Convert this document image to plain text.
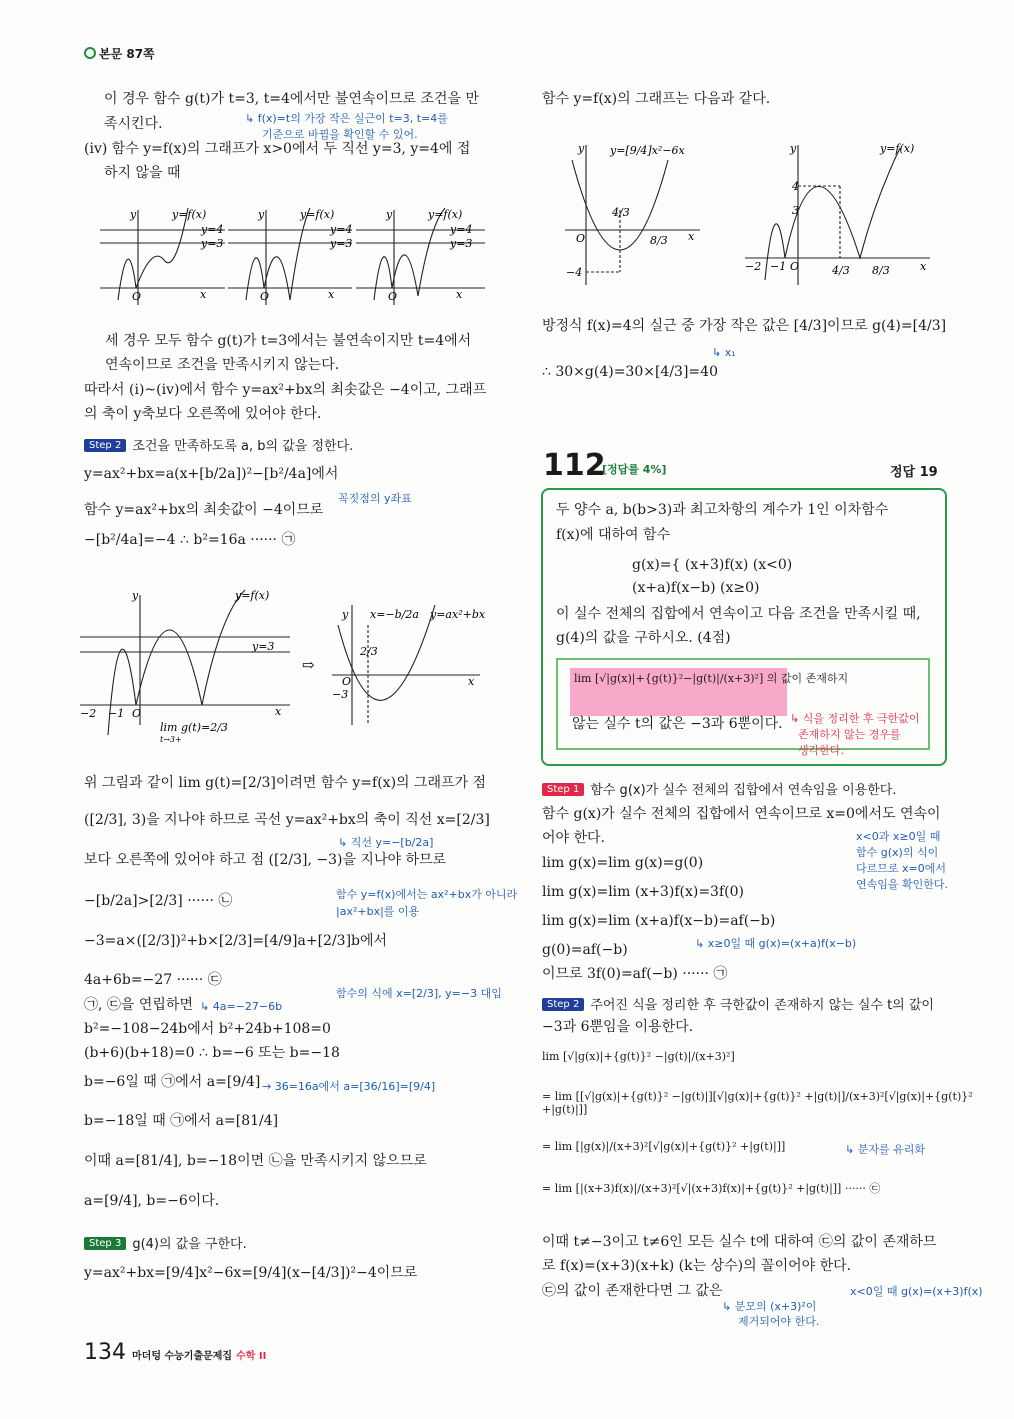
본문 87쪽
이 경우 함수 g(t)가 t=3, t=4에서만 불연속이므로 조건을 만
족시킨다.
(iv) 함수 y=f(x)의 그래프가 x>0에서 두 직선 y=3, y=4에 접
하지 않을 때
세 경우 모두 함수 g(t)가 t=3에서는 불연속이지만 t=4에서
연속이므로 조건을 만족시키지 않는다.
따라서 (i)~(iv)에서 함수 y=ax²+bx의 최솟값은 −4이고, 그래프
의 축이 y축보다 오른쪽에 있어야 한다.
y=ax²+bx=a(x+[b/2a])²−[b²/4a]에서
함수 y=ax²+bx의 최솟값이 −4이므로
−[b²/4a]=−4 ∴ b²=16a ······ ㉠
위 그림과 같이 lim g(t)=[2/3]이려면 함수 y=f(x)의 그래프가 점
([2/3], 3)을 지나야 하므로 곡선 y=ax²+bx의 축이 직선 x=[2/3]
보다 오른쪽에 있어야 하고 점 ([2/3], −3)을 지나야 하므로
−[b/2a]>[2/3] ······ ㉡
−3=a×([2/3])²+b×[2/3]=[4/9]a+[2/3]b에서
4a+6b=−27 ······ ㉢
㉠, ㉢을 연립하면
b²=−108−24b에서 b²+24b+108=0
(b+6)(b+18)=0 ∴ b=−6 또는 b=−18
b=−6일 때 ㉠에서 a=[9/4]
b=−18일 때 ㉠에서 a=[81/4]
이때 a=[81/4], b=−18이면 ㉡을 만족시키지 않으므로
a=[9/4], b=−6이다.
y=ax²+bx=[9/4]x²−6x=[9/4](x−[4/3])²−4이므로
↳ f(x)=t의 가장 작은 실근이 t=3, t=4를
기준으로 바뀜을 확인할 수 있어.
꼭짓점의 y좌표
↳ 직선 y=−[b/2a]
함수 y=f(x)에서는 ax²+bx가 아니라
|ax²+bx|를 이용
함수의 식에 x=[2/3], y=−3 대입
↳ 4a=−27−6b
→ 36=16a에서 a=[36/16]=[9/4]
함수 y=f(x)의 그래프는 다음과 같다.
방정식 f(x)=4의 실근 중 가장 작은 값은 [4/3]이므로 g(4)=[4/3]
∴ 30×g(4)=30×[4/3]=40
함수 g(x)가 실수 전체의 집합에서 연속이므로 x=0에서도 연속이
어야 한다.
lim g(x)=lim g(x)=g(0)
lim g(x)=lim (x+3)f(x)=3f(0)
lim g(x)=lim (x+a)f(x−b)=af(−b)
g(0)=af(−b)
이므로 3f(0)=af(−b) ······ ㉠
−3과 6뿐임을 이용한다.
lim [√|g(x)|+{g(t)}² −|g(t)|/(x+3)²]
= lim [[√|g(x)|+{g(t)}² −|g(t)|][√|g(x)|+{g(t)}² +|g(t)|]/(x+3)²[√|g(x)|+{g(t)}² +|g(t)|]]
= lim [|g(x)|/(x+3)²[√|g(x)|+{g(t)}² +|g(t)|]]
= lim [|(x+3)f(x)|/(x+3)²[√|(x+3)f(x)|+{g(t)}² +|g(t)|]] ······ ㉢
이때 t≠−3이고 t≠6인 모든 실수 t에 대하여 ㉢의 값이 존재하므
로 f(x)=(x+3)(x+k) (k는 상수)의 꼴이어야 한다.
㉢의 값이 존재한다면 그 값은
↳ x₁
x<0과 x≥0일 때
함수 g(x)의 식이
다르므로 x=0에서
연속임을 확인한다.
↳ x≥0일 때 g(x)=(x+a)f(x−b)
↳ 분자를 유리화
↳ 분모의 (x+3)²이
제거되어야 한다.
x<0일 때 g(x)=(x+3)f(x)
Step 2 조건을 만족하도록 a, b의 값을 정한다.
Step 3 g(4)의 값을 구한다.
Step 1 함수 g(x)가 실수 전체의 집합에서 연속임을 이용한다.
Step 2 주어진 식을 정리한 후 극한값이 존재하지 않는 실수 t의 값이
112
[정답률 4%]	정답 19
두 양수 a, b(b>3)과 최고차항의 계수가 1인 이차함수
f(x)에 대하여 함수
g(x)={ (x+3)f(x) (x<0)
(x+a)f(x−b) (x≥0)
이 실수 전체의 집합에서 연속이고 다음 조건을 만족시킬 때,
g(4)의 값을 구하시오. (4점)
lim [√|g(x)|+{g(t)}²−|g(t)|/(x+3)²] 의 값이 존재하지
않는 실수 t의 값은 −3과 6뿐이다. ↳ 식을 정리한 후 극한값이
존재하지 않는 경우를
생각한다.
y	y=f(x)
y=4
y=3
O	x
y	y=f(x)
y=4
y=3
O	x
y	y=f(x)
y=4
y=3
O	x
y	y=f(x)
y=3
−2 −1 O	x
lim g(t)=2/3
t→3+
⇨
y x=−b/2a y=ax²+bx
2/3
O
−3
x
y y=[9/4]x²−6x
O	x
4/3
8/3
−4
y	y=f(x)
4
3
−2 −1 O	4/3 8/3	x
134 마더텅 수능기출문제집 수학 II
